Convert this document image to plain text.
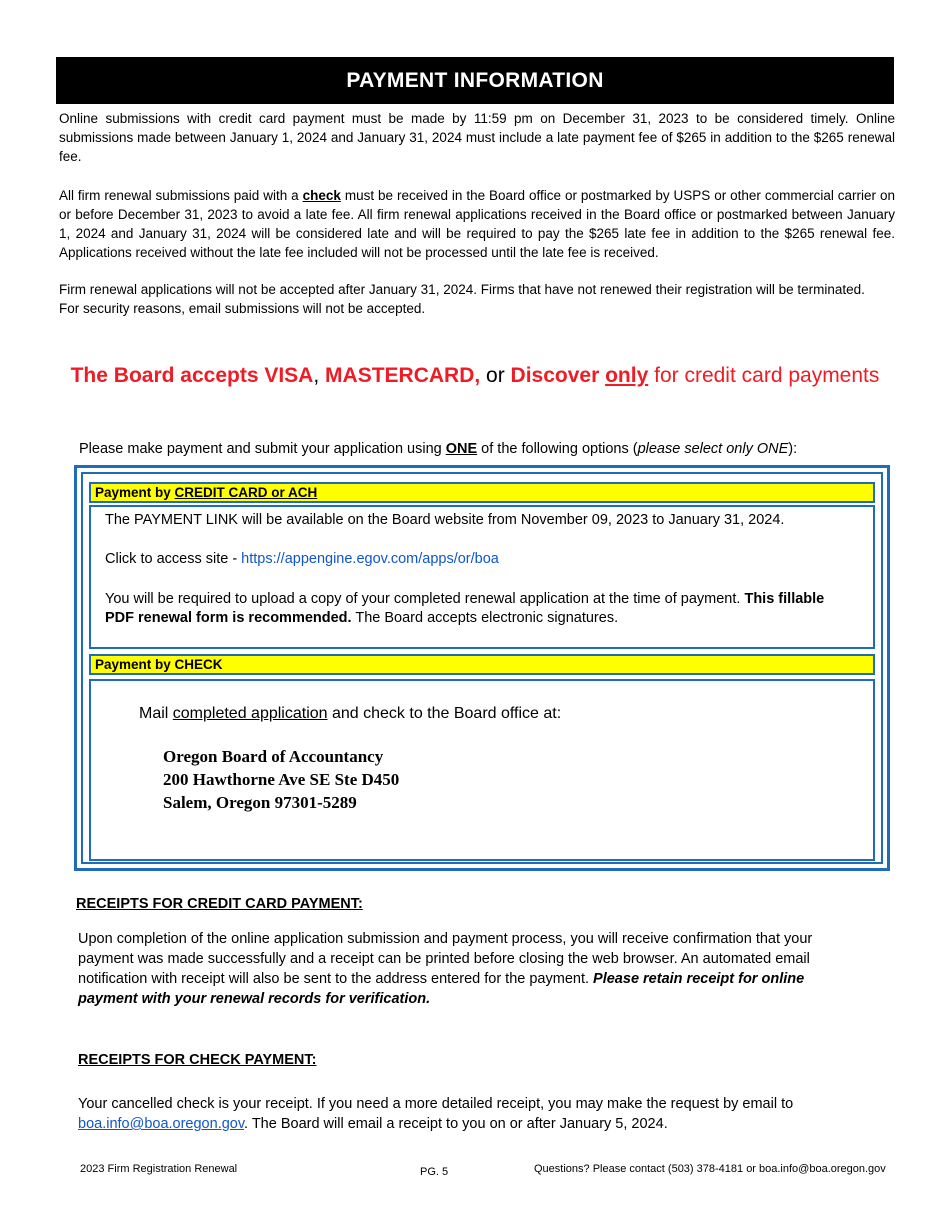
PAYMENT INFORMATION
Online submissions with credit card payment must be made by 11:59 pm on December 31, 2023 to be considered timely. Online submissions made between January 1, 2024 and January 31, 2024 must include a late payment fee of $265 in addition to the $265 renewal fee.
All firm renewal submissions paid with a check must be received in the Board office or postmarked by USPS or other commercial carrier on or before December 31, 2023 to avoid a late fee. All firm renewal applications received in the Board office or postmarked between January 1, 2024 and January 31, 2024 will be considered late and will be required to pay the $265 late fee in addition to the $265 renewal fee. Applications received without the late fee included will not be processed until the late fee is received.
Firm renewal applications will not be accepted after January 31, 2024. Firms that have not renewed their registration will be terminated. For security reasons, email submissions will not be accepted.
The Board accepts VISA, MASTERCARD, or Discover only for credit card payments
Please make payment and submit your application using ONE of the following options (please select only ONE):
Payment by CREDIT CARD or ACH
The PAYMENT LINK will be available on the Board website from November 09, 2023 to January 31, 2024.
Click to access site - https://appengine.egov.com/apps/or/boa
You will be required to upload a copy of your completed renewal application at the time of payment. This fillable PDF renewal form is recommended. The Board accepts electronic signatures.
Payment by CHECK
Mail completed application and check to the Board office at:
Oregon Board of Accountancy
200 Hawthorne Ave SE Ste D450
Salem, Oregon 97301-5289
RECEIPTS FOR CREDIT CARD PAYMENT:
Upon completion of the online application submission and payment process, you will receive confirmation that your payment was made successfully and a receipt can be printed before closing the web browser. An automated email notification with receipt will also be sent to the address entered for the payment. Please retain receipt for online payment with your renewal records for verification.
RECEIPTS FOR CHECK PAYMENT:
Your cancelled check is your receipt. If you need a more detailed receipt, you may make the request by email to boa.info@boa.oregon.gov. The Board will email a receipt to you on or after January 5, 2024.
2023 Firm Registration Renewal	PG. 5	Questions? Please contact (503) 378-4181 or boa.info@boa.oregon.gov
